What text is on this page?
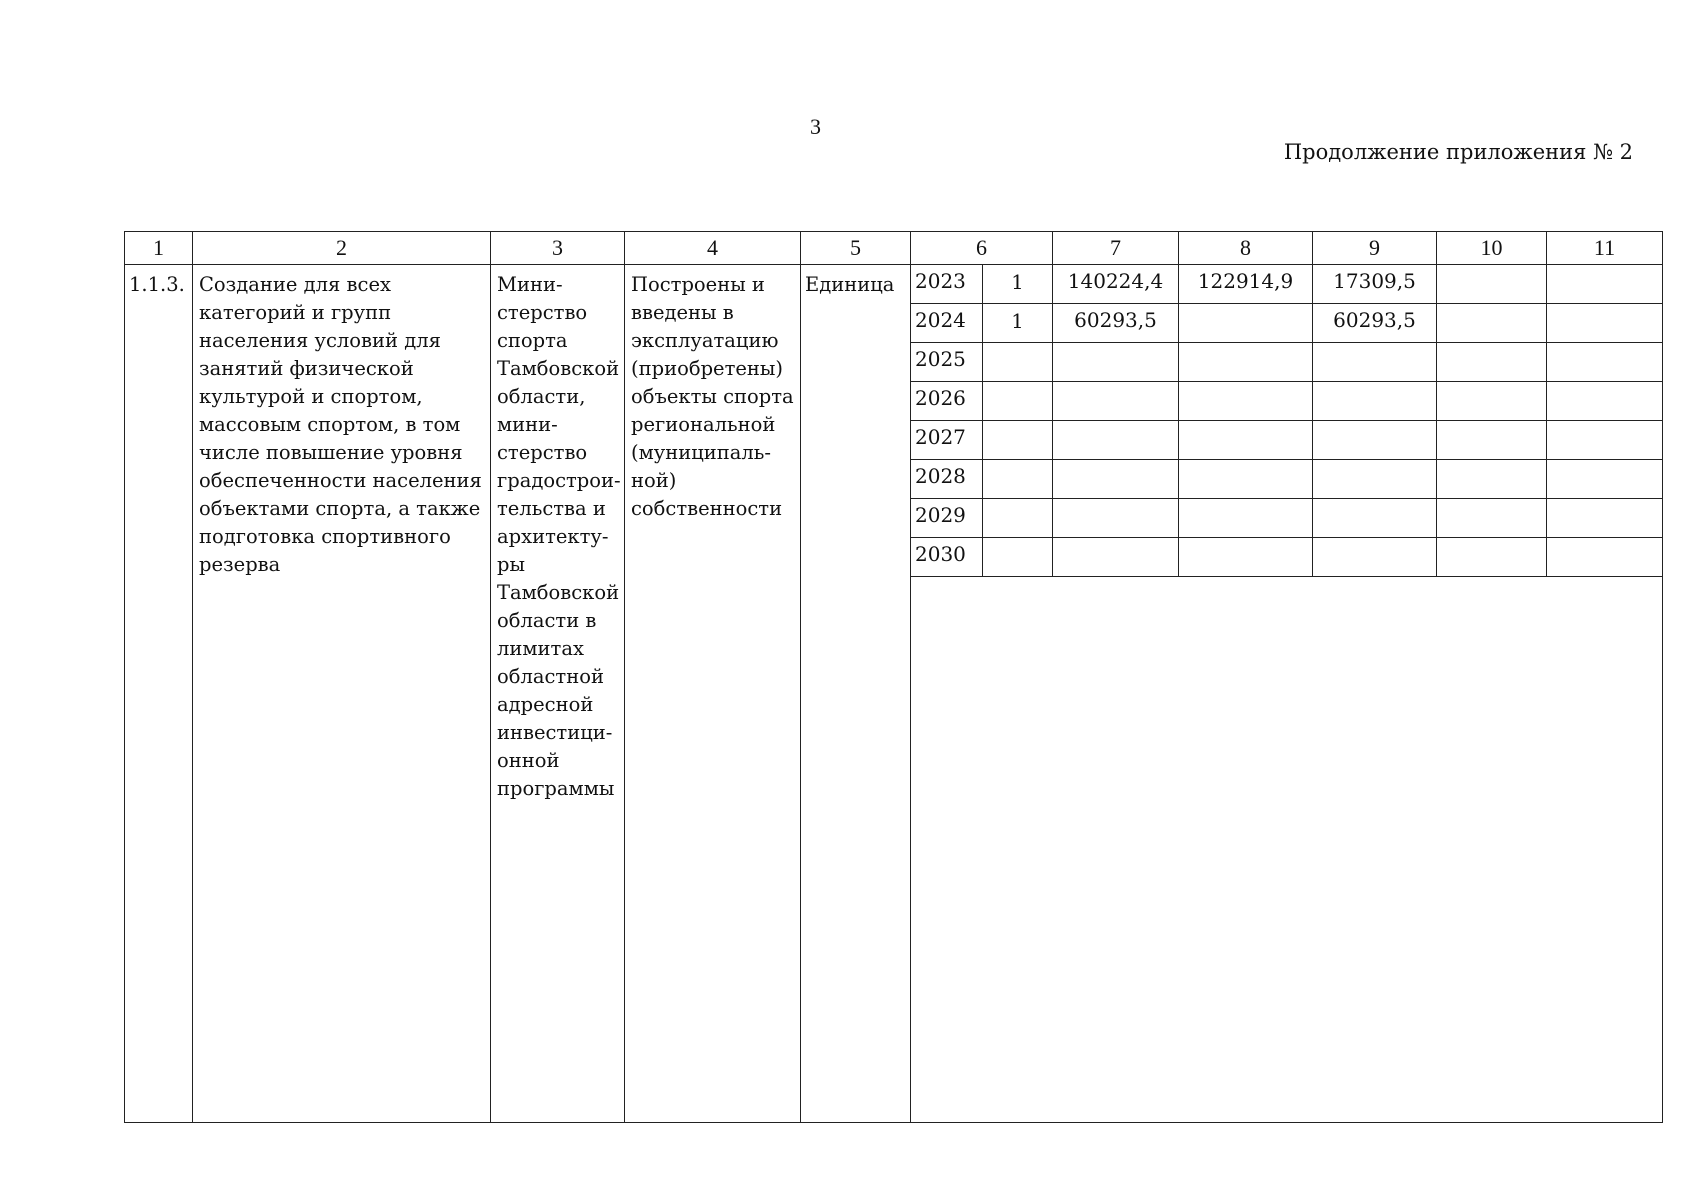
3
Продолжение приложения № 2
1	2	3	4	5	6		7	8	9	10	11
1.1.3.	Создание для всех категорий и групп населения условий для занятий физической культурой и спортом, массовым спортом, в том числе повышение уровня обеспеченности населения объектами спорта, а также подготовка спортивного резерва	Мини-стерство спорта Тамбовской области, мини-стерство градострои-тельства и архитекту-ры Тамбовской области в лимитах областной адресной инвестици-онной программы	Построены и введены в эксплуатацию (приобретены) объекты спорта региональной (муниципаль-ной) собственности	Единица	2023	1	140224,4	122914,9	17309,5		
					2024	1	60293,5		60293,5		
					2025						
					2026						
					2027						
					2028						
					2029						
					2030						
